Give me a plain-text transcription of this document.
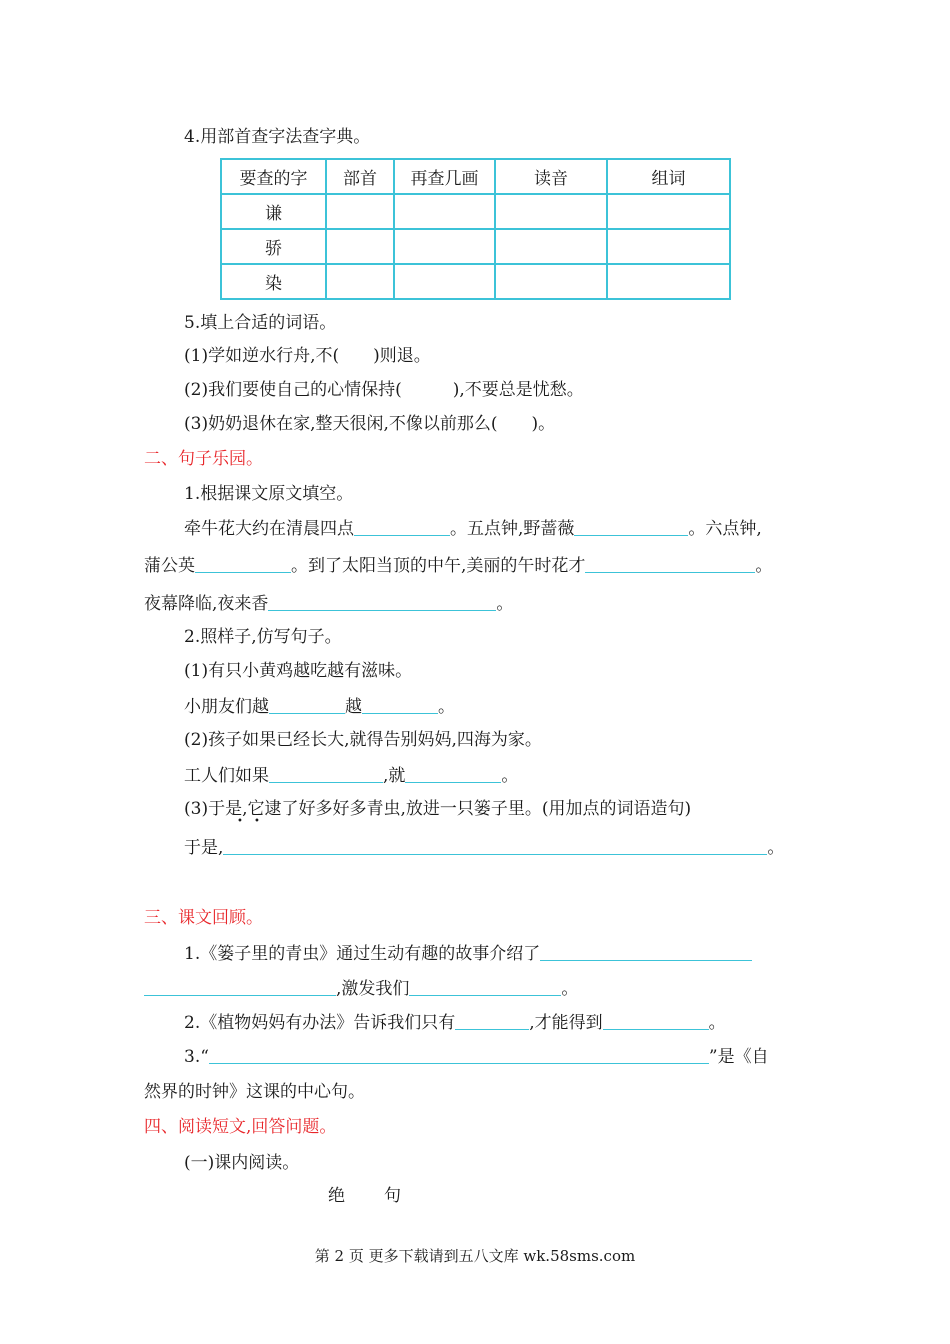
4.用部首查字法查字典。
要查的字	部首	再查几画	读音	组词
谦				
骄				
染				
5.填上合适的词语。
(1)学如逆水行舟,不(　　)则退。
(2)我们要使自己的心情保持(　　　),不要总是忧愁。
(3)奶奶退休在家,整天很闲,不像以前那么(　　)。
二、句子乐园。
1.根据课文原文填空。
牵牛花大约在清晨四点	。五点钟,野蔷薇	。六点钟,
蒲公英	。到了太阳当顶的中午,美丽的午时花才	。
夜幕降临,夜来香	。
2.照样子,仿写句子。
(1)有只小黄鸡越吃越有滋味。
小朋友们越	越	。
(2)孩子如果已经长大,就得告别妈妈,四海为家。
工人们如果	,就	。
(3)于是,它逮了好多好多青虫,放进一只篓子里。(用加点的词语造句)
• •
于是,	。
三、课文回顾。
1.《篓子里的青虫》通过生动有趣的故事介绍了
,激发我们	。
2.《植物妈妈有办法》告诉我们只有	,才能得到	。
3.“	”是《自
然界的时钟》这课的中心句。
四、阅读短文,回答问题。
(一)课内阅读。
绝 句
第 2 页 更多下载请到五八文库 wk.58sms.com
